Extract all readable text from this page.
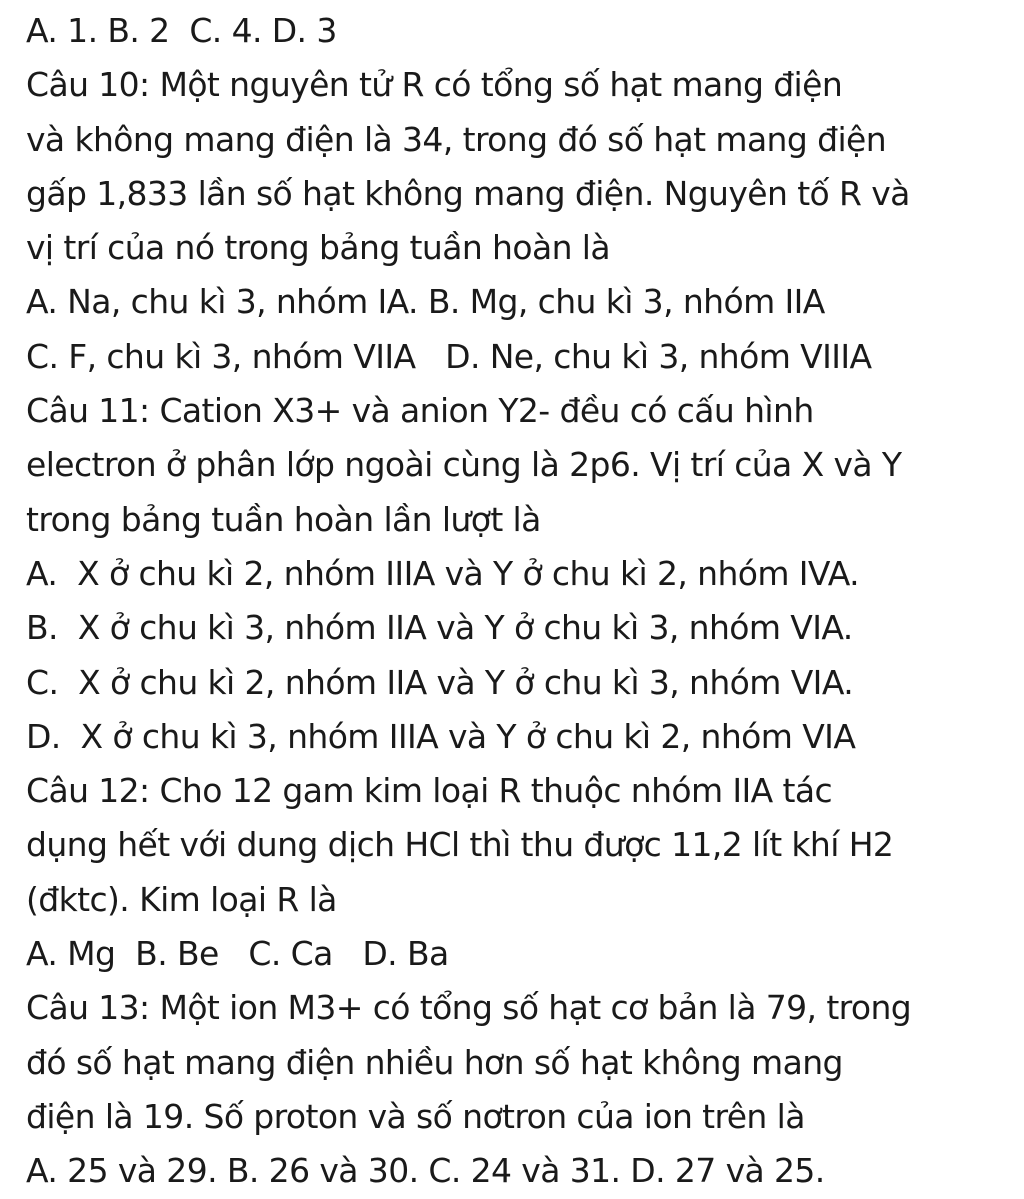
A. 1. B. 2  C. 4. D. 3
Câu 10: Một nguyên tử R có tổng số hạt mang điện
và không mang điện là 34, trong đó số hạt mang điện
gấp 1,833 lần số hạt không mang điện. Nguyên tố R và
vị trí của nó trong bảng tuần hoàn là
A. Na, chu kì 3, nhóm IA. B. Mg, chu kì 3, nhóm IIA
C. F, chu kì 3, nhóm VIIA   D. Ne, chu kì 3, nhóm VIIIA
Câu 11: Cation X3+ và anion Y2- đều có cấu hình
electron ở phân lớp ngoài cùng là 2p6. Vị trí của X và Y
trong bảng tuần hoàn lần lượt là
A.  X ở chu kì 2, nhóm IIIA và Y ở chu kì 2, nhóm IVA.
B.  X ở chu kì 3, nhóm IIA và Y ở chu kì 3, nhóm VIA.
C.  X ở chu kì 2, nhóm IIA và Y ở chu kì 3, nhóm VIA.
D.  X ở chu kì 3, nhóm IIIA và Y ở chu kì 2, nhóm VIA
Câu 12: Cho 12 gam kim loại R thuộc nhóm IIA tác
dụng hết với dung dịch HCl thì thu được 11,2 lít khí H2
(đktc). Kim loại R là
A. Mg  B. Be   C. Ca   D. Ba
Câu 13: Một ion M3+ có tổng số hạt cơ bản là 79, trong
đó số hạt mang điện nhiều hơn số hạt không mang
điện là 19. Số proton và số nơtron của ion trên là
A. 25 và 29. B. 26 và 30. C. 24 và 31. D. 27 và 25.
